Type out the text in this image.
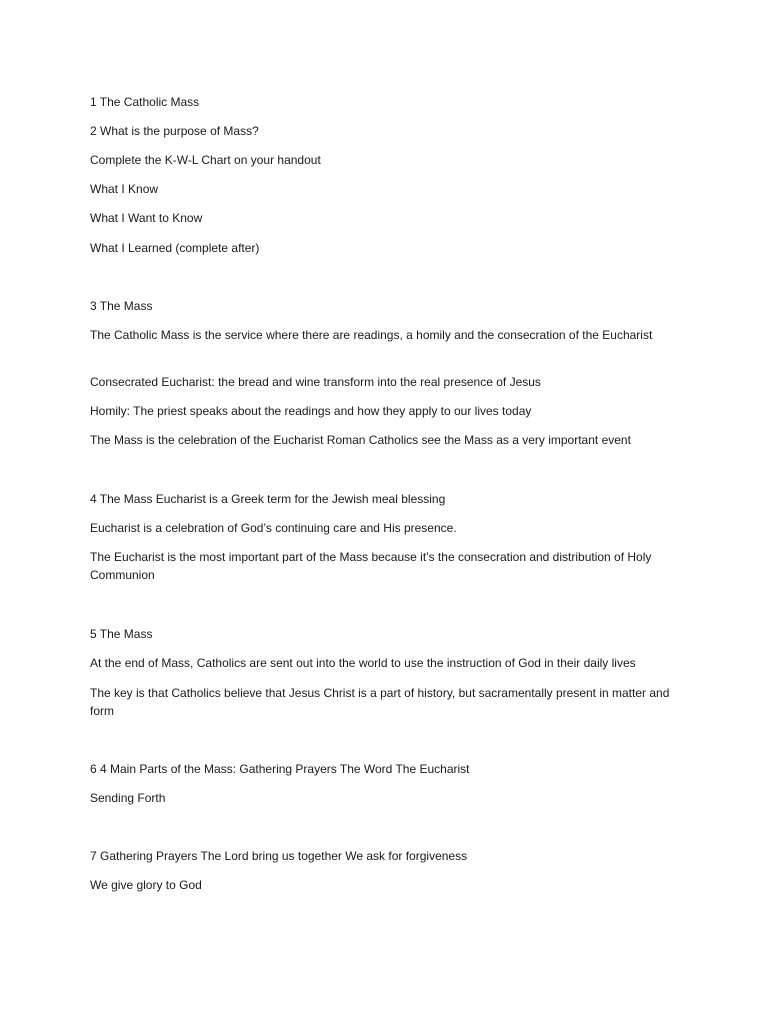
1 The Catholic Mass

2 What is the purpose of Mass?

Complete the K-W-L Chart on your handout

What I Know

What I Want to Know

What I Learned (complete after)

3 The Mass

The Catholic Mass is the service where there are readings, a homily and the consecration of the Eucharist

Consecrated Eucharist: the bread and wine transform into the real presence of Jesus

Homily: The priest speaks about the readings and how they apply to our lives today

The Mass is the celebration of the Eucharist Roman Catholics see the Mass as a very important event

4 The Mass Eucharist is a Greek term for the Jewish meal blessing

Eucharist is a celebration of God’s continuing care and His presence.

The Eucharist is the most important part of the Mass because it’s the consecration and distribution of Holy Communion

5 The Mass

At the end of Mass, Catholics are sent out into the world to use the instruction of God in their daily lives

The key is that Catholics believe that Jesus Christ is a part of history, but sacramentally present in matter and form

6 4 Main Parts of the Mass: Gathering Prayers The Word The Eucharist

Sending Forth

7 Gathering Prayers The Lord bring us together We ask for forgiveness

We give glory to God
